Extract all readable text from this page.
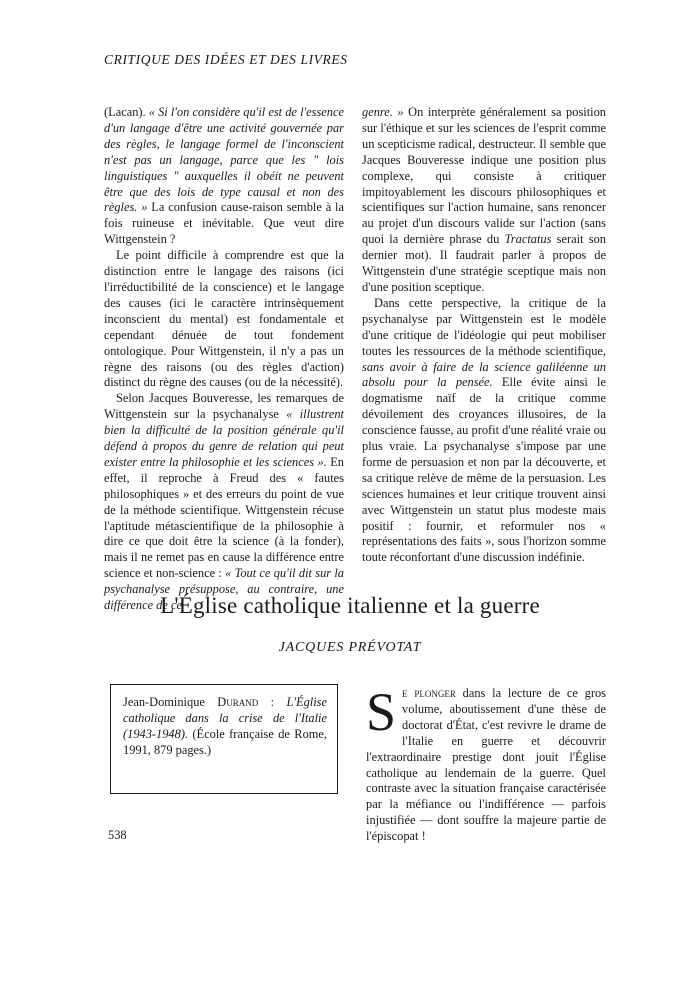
CRITIQUE DES IDÉES ET DES LIVRES

(Lacan). « Si l'on considère qu'il est de l'essence d'un langage d'être une activité gouvernée par des règles, le langage formel de l'inconscient n'est pas un langage, parce que les " lois linguistiques " auxquelles il obéit ne peuvent être que des lois de type causal et non des règles. » La confusion cause-raison semble à la fois ruineuse et inévitable. Que veut dire Wittgenstein ?

Le point difficile à comprendre est que la distinction entre le langage des raisons (ici l'irréductibilité de la conscience) et le langage des causes (ici le caractère intrinsèquement inconscient du mental) est fondamentale et cependant dénuée de tout fondement ontologique. Pour Wittgenstein, il n'y a pas un règne des raisons (ou des règles d'action) distinct du règne des causes (ou de la nécessité).

Selon Jacques Bouveresse, les remarques de Wittgenstein sur la psychanalyse « illustrent bien la difficulté de la position générale qu'il défend à propos du genre de relation qui peut exister entre la philosophie et les sciences ». En effet, il reproche à Freud des « fautes philosophiques » et des erreurs du point de vue de la méthode scientifique. Wittgenstein récuse l'aptitude métascientifique de la philosophie à dire ce que doit être la science (à la fonder), mais il ne remet pas en cause la différence entre science et non-science : « Tout ce qu'il dit sur la psychanalyse présuppose, au contraire, une différence de ce

genre. » On interprète généralement sa position sur l'éthique et sur les sciences de l'esprit comme un scepticisme radical, destructeur. Il semble que Jacques Bouveresse indique une position plus complexe, qui consiste à critiquer impitoyablement les discours philosophiques et scientifiques sur l'action humaine, sans renoncer au projet d'un discours valide sur l'action (sans quoi la dernière phrase du Tractatus serait son dernier mot). Il faudrait parler à propos de Wittgenstein d'une stratégie sceptique mais non d'une position sceptique.

Dans cette perspective, la critique de la psychanalyse par Wittgenstein est le modèle d'une critique de l'idéologie qui peut mobiliser toutes les ressources de la méthode scientifique, sans avoir à faire de la science galiléenne un absolu pour la pensée. Elle évite ainsi le dogmatisme naïf de la critique comme dévoilement des croyances illusoires, de la conscience fausse, au profit d'une réalité vraie ou plus vraie. La psychanalyse s'impose par une forme de persuasion et non par la découverte, et sa critique relève de même de la persuasion. Les sciences humaines et leur critique trouvent ainsi avec Wittgenstein un statut plus modeste mais positif : fournir, et reformuler nos « représentations des faits », sous l'horizon somme toute réconfortant d'une discussion indéfinie.

L'Église catholique italienne et la guerre
JACQUES PRÉVOTAT
Jean-Dominique Durand : L'Église catholique dans la crise de l'Italie (1943-1948). (École française de Rome, 1991, 879 pages.)
Se plonger dans la lecture de ce gros volume, aboutissement d'une thèse de doctorat d'État, c'est revivre le drame de l'Italie en guerre et découvrir l'extraordinaire prestige dont jouit l'Église catholique au lendemain de la guerre. Quel contraste avec la situation française caractérisée par la méfiance ou l'indifférence — parfois injustifiée — dont souffre la majeure partie de l'épiscopat !
538
